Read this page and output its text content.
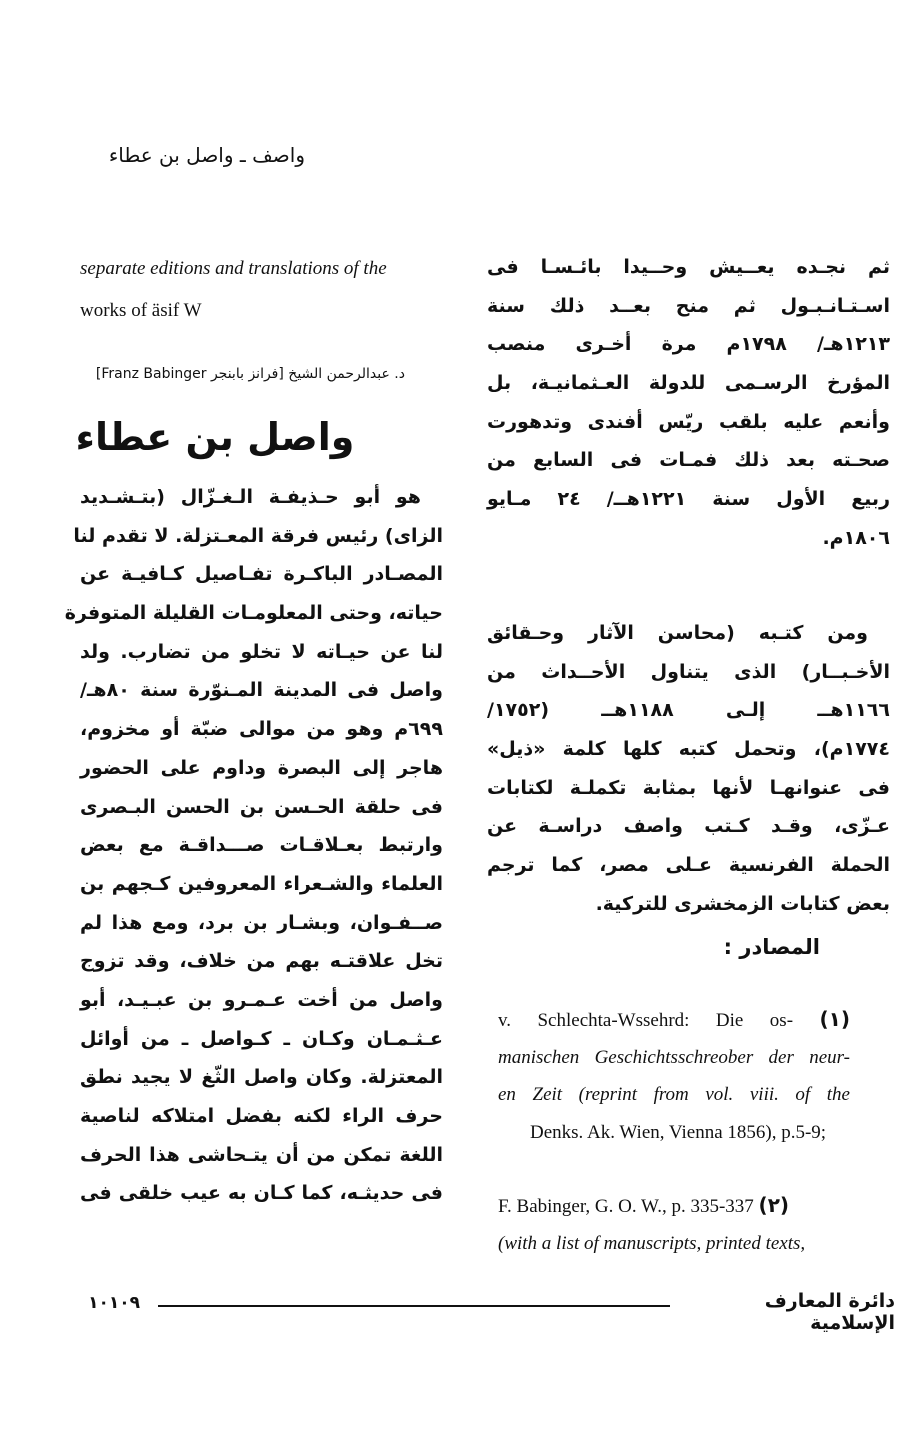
واصف ـ واصل بن عطاء
ثم نجـده يعــيش وحــيدا بائـسـا فى
اسـتـانـبـول ثم منح بعــد ذلك سنة
١٢١٣هـ/ ١٧٩٨م مرة أخـرى منصب
المؤرخ الرسـمى للدولة العـثمانيـة، بل
وأنعم عليه بلقب ريّس أفندى وتدهورت
صحـته بعد ذلك فمـات فى السابع من
ربيع الأول سنة ١٢٢١هــ/ ٢٤ مـايو
١٨٠٦م.
ومن كتـبه (محاسن الآثار وحـقائق
الأخـبــار) الذى يتناول الأحــداث من
١١٦٦هــ إلـى ١١٨٨هــ (١٧٥٢/
١٧٧٤م)، وتحمل كتبه كلها كلمة «ذيل»
فى عنوانهـا لأنها بمثابة تكملـة لكتابات
عـزّى، وقـد كـتب واصف دراسـة عن
الحملة الفرنسية عـلى مصر، كما ترجم
بعض كتابات الزمخشرى للتركية.
المصادر :
v. Schlechta-Wssehrd: Die os- (١)
manischen Geschichtsschreober der neur-
en Zeit (reprint from vol. viii. of the
Denks. Ak. Wien, Vienna 1856), p.5-9;
F. Babinger, G. O. W., p. 335-337 (٢)
(with a list of manuscripts, printed texts,
separate editions and translations of the
works of äsif W
د. عبدالرحمن الشيخ [فرانز بابنجر Franz Babinger]
واصل بن عطاء
هو أبو حـذيفـة الـغـزّال (بتـشـديد
الزاى) رئيس فرقة المعـتزلة. لا تقدم لنا
المصـادر الباكـرة تفـاصيل كـافيـة عن
حياته، وحتى المعلومـات القليلة المتوفرة
لنا عن حيـاته لا تخلو من تضارب. ولد
واصل فى المدينة المـنوّرة سنة ٨٠هـ/
٦٩٩م وهو من موالى ضبّة أو مخزوم،
هاجر إلى البصرة وداوم على الحضور
فى حلقة الحـسن بن الحسن البـصرى
وارتبط بعـلاقـات صـــداقـة مع بعض
العلماء والشـعراء المعروفين كـجهم بن
صــفـوان، وبشـار بن برد، ومع هذا لم
تخل علاقتـه بهم من خلاف، وقد تزوج
واصل من أخت عـمـرو بن عبـيـد، أبو
عـثـمـان وكـان ـ كـواصل ـ من أوائل
المعتزلة. وكان واصل الثّغ لا يجيد نطق
حرف الراء لكنه بفضل امتلاكه لناصية
اللغة تمكن من أن يتـحاشى هذا الحرف
فى حديثـه، كما كـان به عيب خلقى فى
١٠١٠٩	دائرة المعارف الإسلامية
